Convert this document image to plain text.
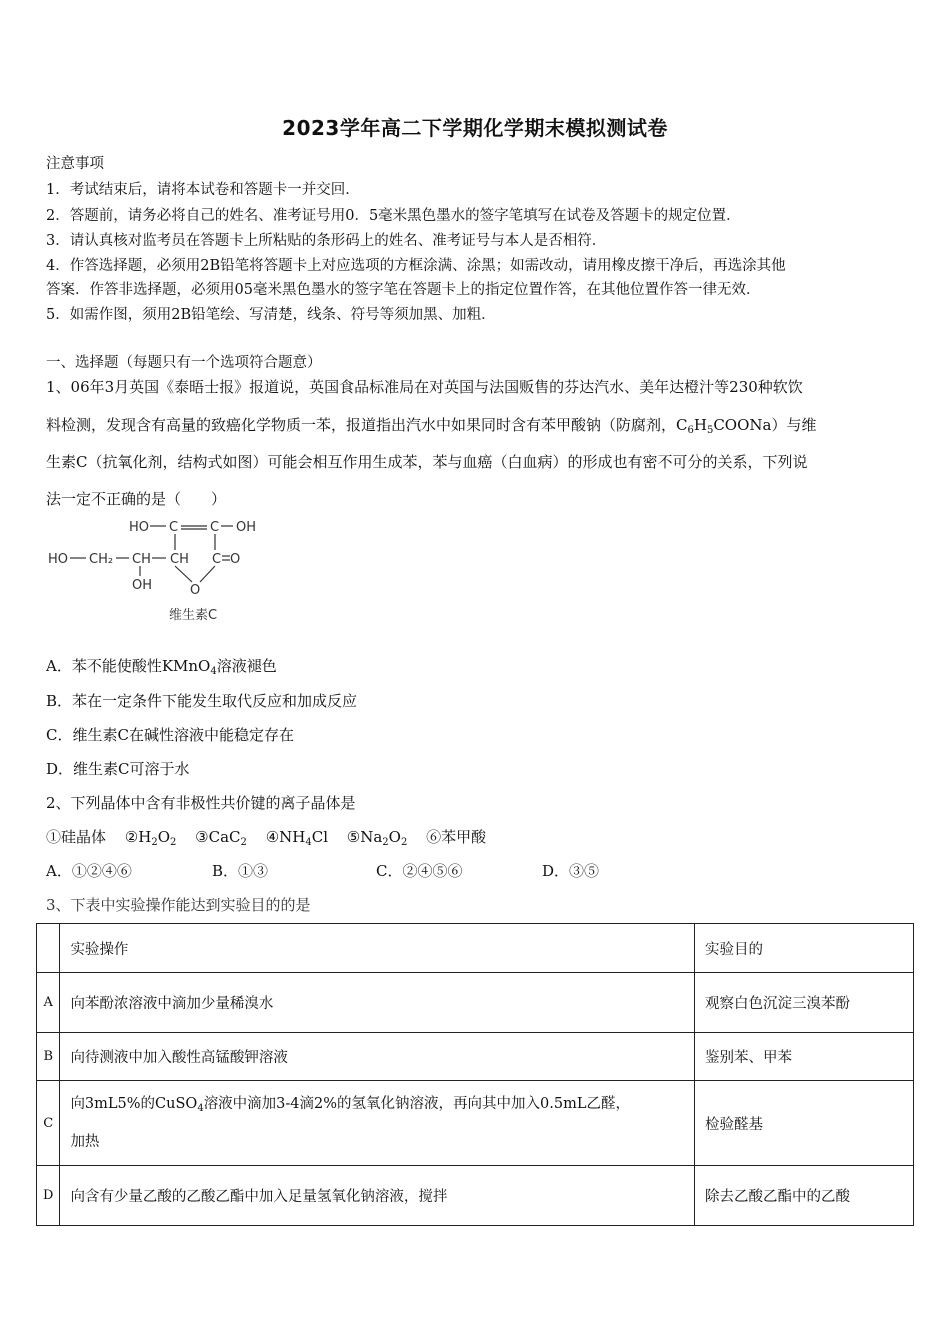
2023学年高二下学期化学期末模拟测试卷
注意事项
1．考试结束后，请将本试卷和答题卡一并交回．
2．答题前，请务必将自己的姓名、准考证号用0．5毫米黑色墨水的签字笔填写在试卷及答题卡的规定位置．
3．请认真核对监考员在答题卡上所粘贴的条形码上的姓名、准考证号与本人是否相符．
4．作答选择题，必须用2B铅笔将答题卡上对应选项的方框涂满、涂黑；如需改动，请用橡皮擦干净后，再选涂其他
答案．作答非选择题，必须用05毫米黑色墨水的签字笔在答题卡上的指定位置作答，在其他位置作答一律无效．
5．如需作图，须用2B铅笔绘、写清楚，线条、符号等须加黑、加粗．
一、选择题（每题只有一个选项符合题意）
1、06年3月英国《泰晤士报》报道说，英国食品标准局在对英国与法国贩售的芬达汽水、美年达橙汁等230种软饮
料检测，发现含有高量的致癌化学物质一苯，报道指出汽水中如果同时含有苯甲酸钠（防腐剂，$C_6H_5COONa$）与维
生素C（抗氧化剂，结构式如图）可能会相互作用生成苯，苯与血癌（白血病）的形成也有密不可分的关系，下列说
法一定不正确的是（　　）
HO C C OH
HO CH₂ CH CH C O
OH	O
维生素C
A．苯不能使酸性KMnO$_4$溶液褪色
B．苯在一定条件下能发生取代反应和加成反应
C．维生素C在碱性溶液中能稳定存在
D．维生素C可溶于水
2、下列晶体中含有非极性共价键的离子晶体是
①硅晶体 ②H2O2 ③CaC2 ④NH4Cl ⑤Na2O2 ⑥苯甲酸
A．①②④⑥	B．①③	C．②④⑤⑥	D．③⑤
3、下表中实验操作能达到实验目的的是
	实验操作	实验目的
A	向苯酚浓溶液中滴加少量稀溴水	观察白色沉淀三溴苯酚
B	向待测液中加入酸性高锰酸钾溶液	鉴别苯、甲苯
C	向3mL5%的CuSO$_4$溶液中滴加3-4滴2%的氢氧化钠溶液，再向其中加入0.5mL乙醛，
加热	检验醛基
D	向含有少量乙酸的乙酸乙酯中加入足量氢氧化钠溶液，搅拌	除去乙酸乙酯中的乙酸
